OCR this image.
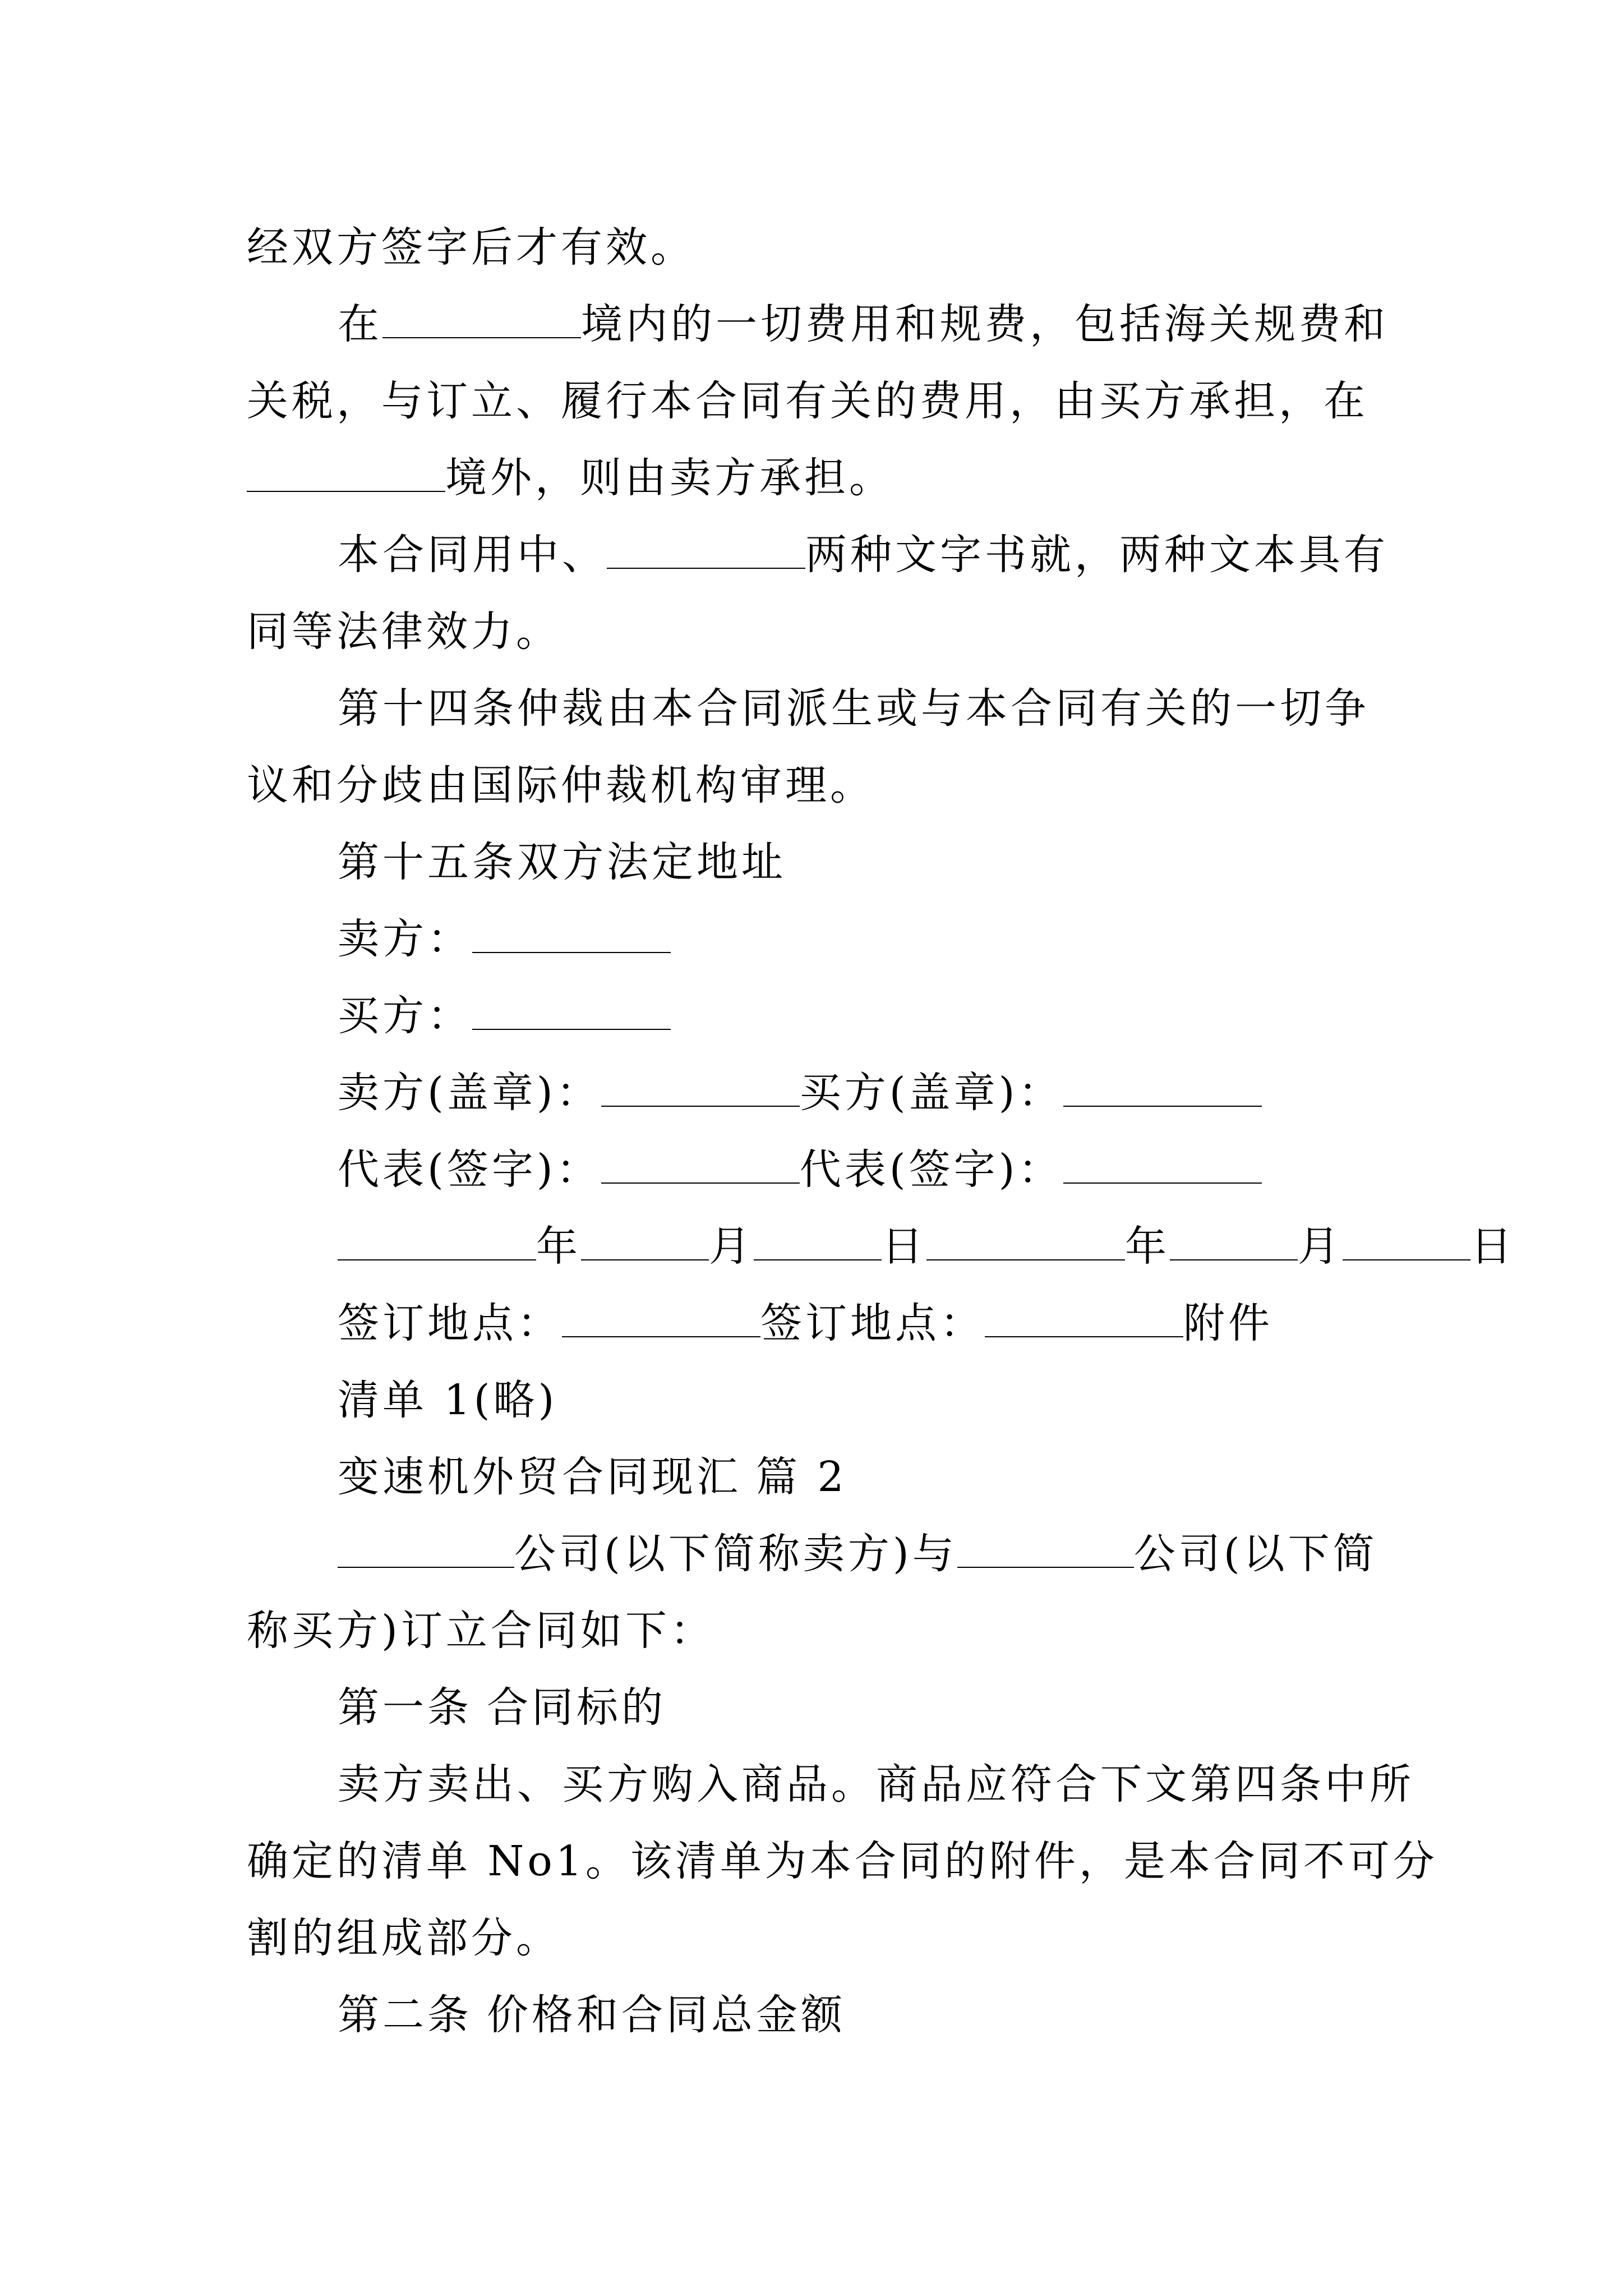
经双方签字后才有效。
在	境内的一切费用和规费，包括海关规费和
关税，与订立、履行本合同有关的费用，由买方承担，在
境外，则由卖方承担。
本合同用中、	两种文字书就，两种文本具有
同等法律效力。
第十四条仲裁由本合同派生或与本合同有关的一切争
议和分歧由国际仲裁机构审理。
第十五条双方法定地址
卖方：
买方：
卖方(盖章)：	买方(盖章)：
代表(签字)：	代表(签字)：
年	月	日	年	月	日
签订地点：	签订地点：	附件
清单 1(略)
变速机外贸合同现汇 篇 2
公司(以下简称卖方)与	公司(以下简
称买方)订立合同如下：
第一条 合同标的
卖方卖出、买方购入商品。商品应符合下文第四条中所
确定的清单 No1。该清单为本合同的附件，是本合同不可分
割的组成部分。
第二条 价格和合同总金额
